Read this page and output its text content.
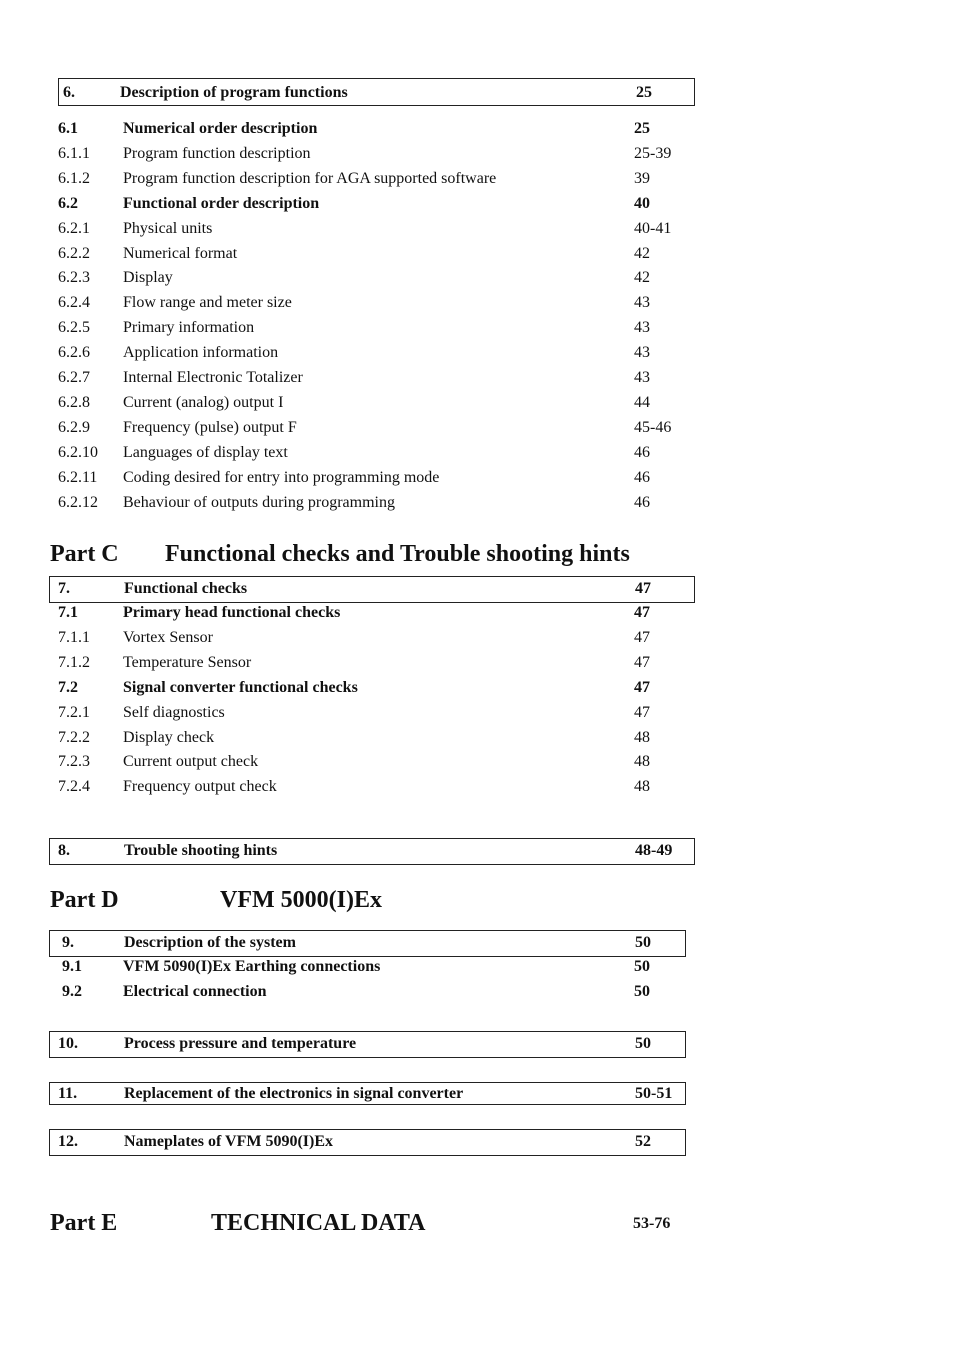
6.	Description of program functions	25
6.1	Numerical order description	25
6.1.1 Program function description	25-39
6.1.2 Program function description for AGA supported software	39
6.2	Functional order description	40
6.2.1 Physical units	40-41
6.2.2 Numerical format	42
6.2.3 Display	42
6.2.4 Flow range and meter size	43
6.2.5 Primary information	43
6.2.6 Application information	43
6.2.7 Internal Electronic Totalizer	43
6.2.8 Current (analog) output I	44
6.2.9 Frequency (pulse) output F	45-46
6.2.10 Languages of display text	46
6.2.11 Coding desired for entry into programming mode	46
6.2.12 Behaviour of outputs during programming	46
Part C Functional checks and Trouble shooting hints
7.	Functional checks	47
7.1	Primary head functional checks	47
7.1.1 Vortex Sensor	47
7.1.2 Temperature Sensor	47
7.2	Signal converter functional checks	47
7.2.1 Self diagnostics	47
7.2.2 Display check	48
7.2.3 Current output check	48
7.2.4 Frequency output check	48
8.	Trouble shooting hints	48-49
Part D	VFM 5000(I)Ex
9.	Description of the system	50
9.1	VFM 5090(I)Ex Earthing connections	50
9.2	Electrical connection	50
10.	Process pressure and temperature	50
11.	Replacement of the electronics in signal converter	50-51
12.	Nameplates of VFM 5090(I)Ex	52
Part E	TECHNICAL DATA	53-76
